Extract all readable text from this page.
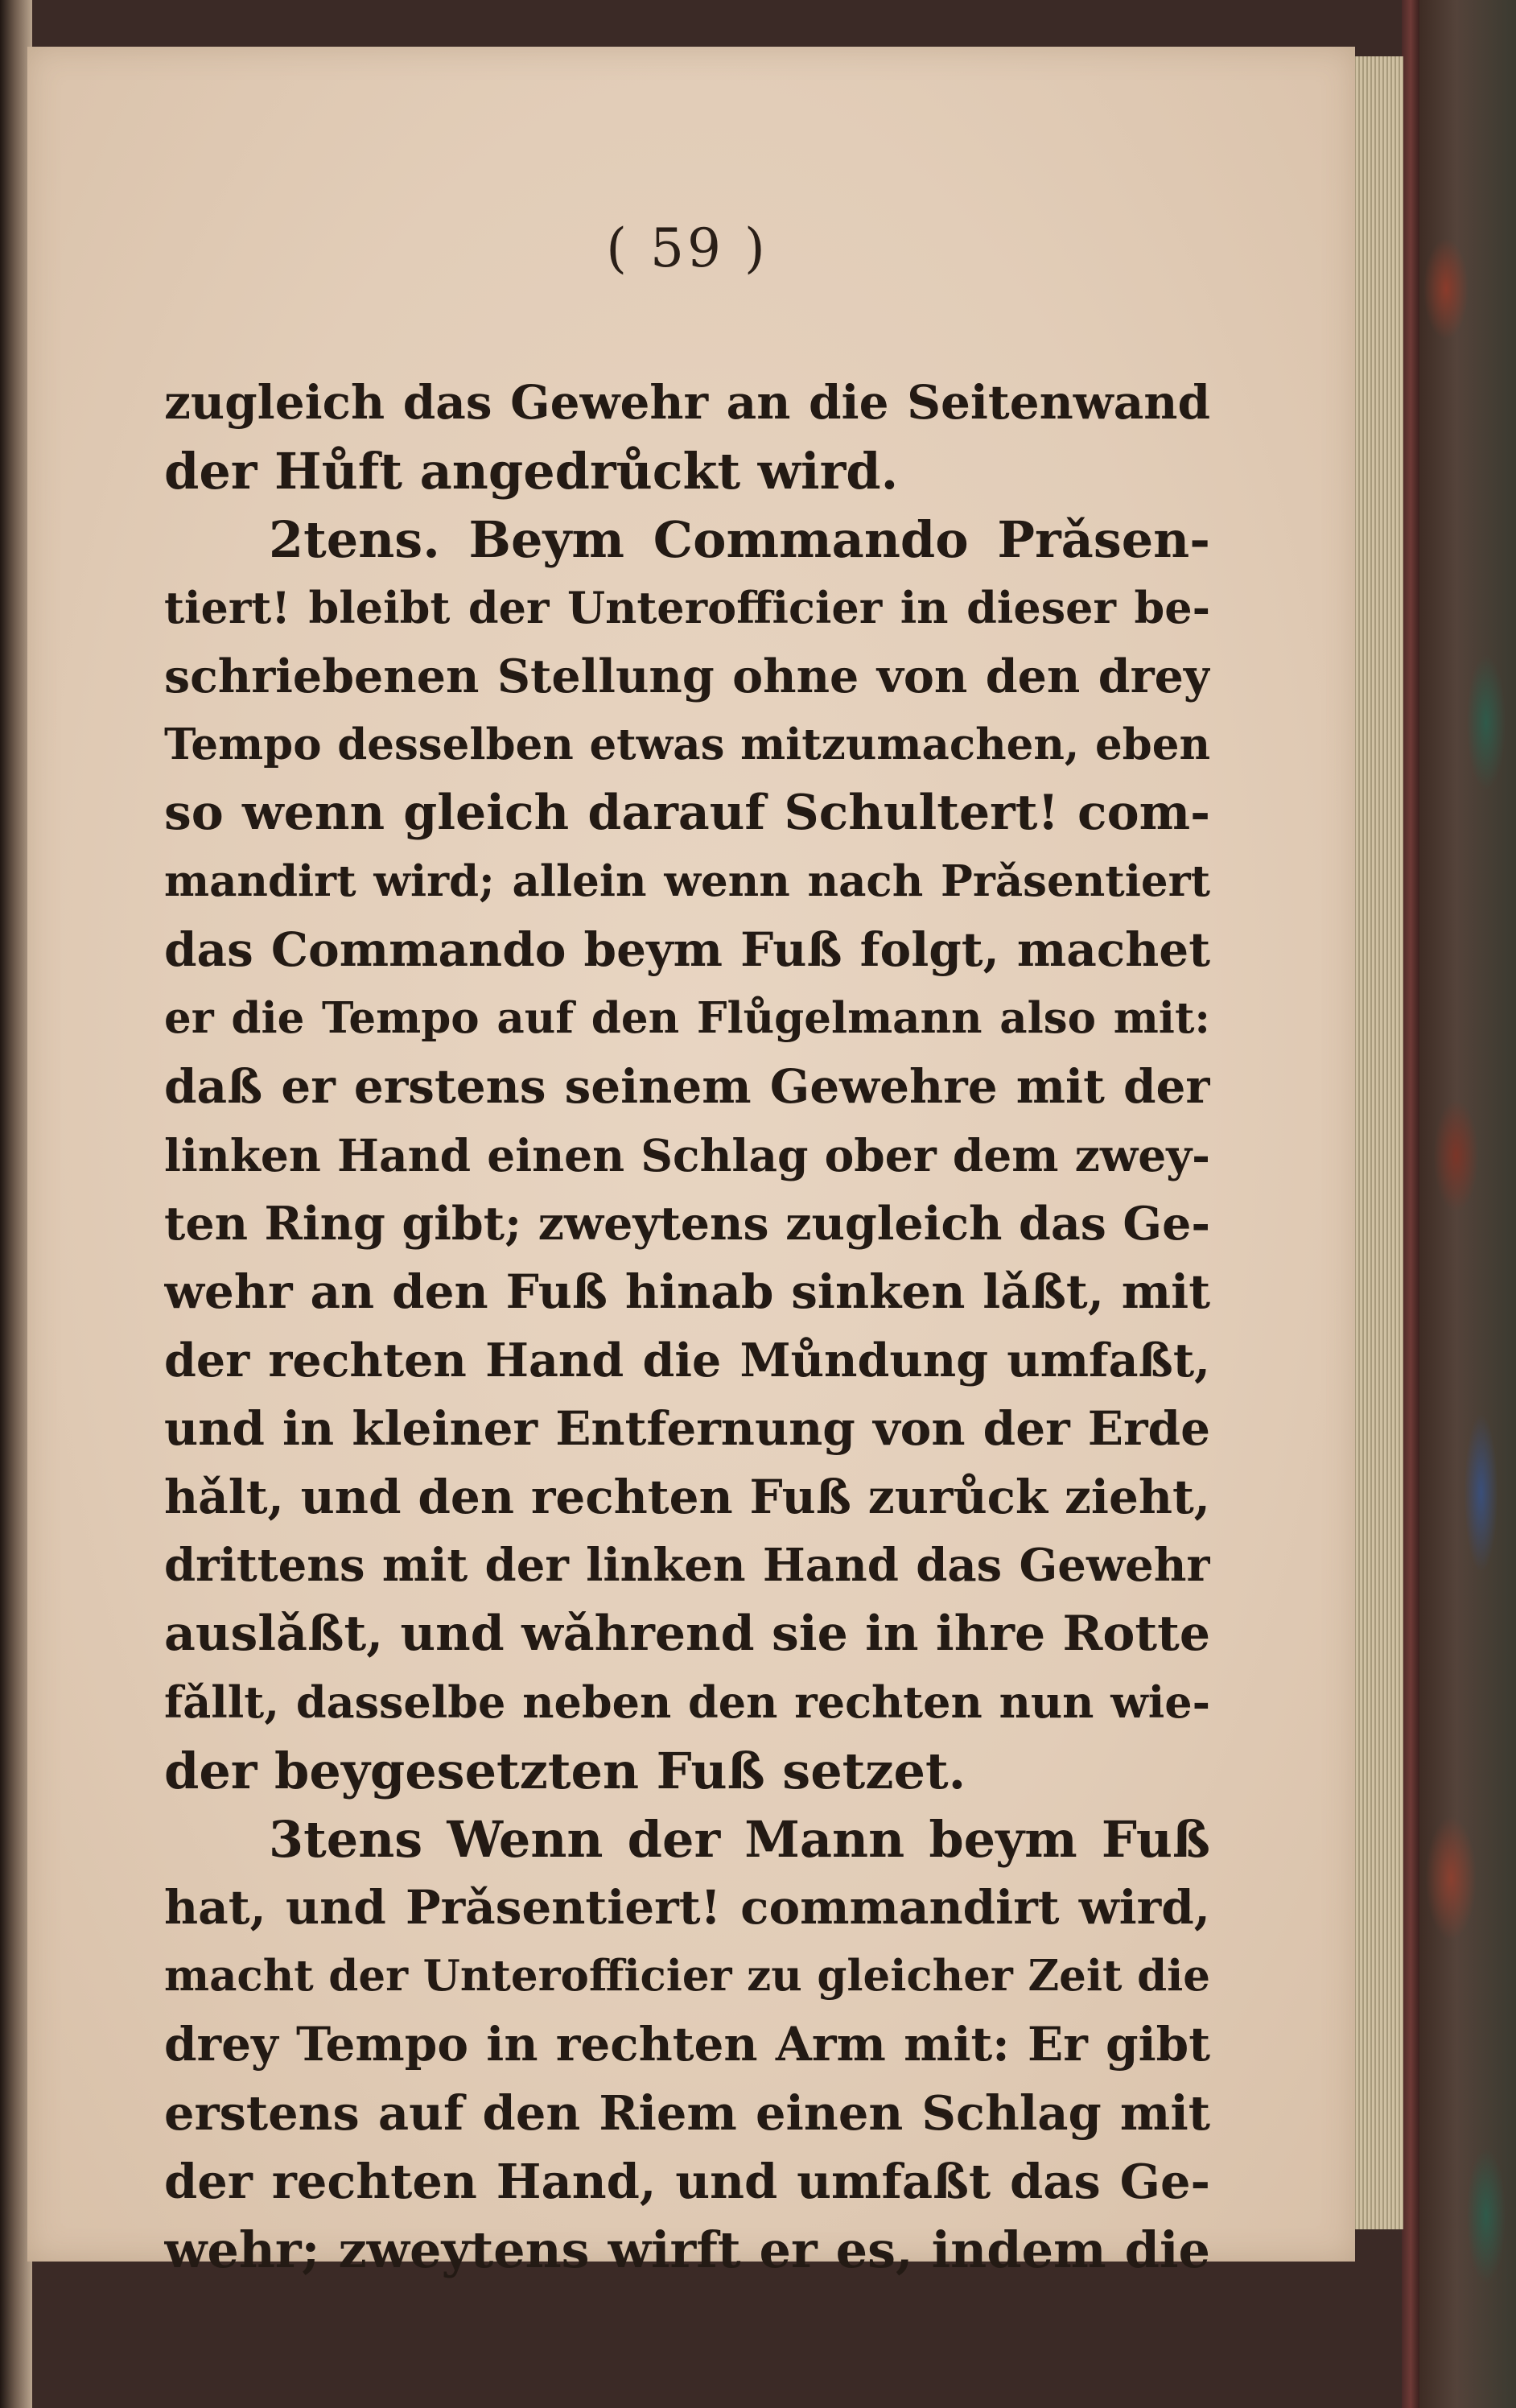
( 59 )
zugleich das Gewehr an die Seitenwand
der Hůft angedrůckt wird.
2tens. Beym Commando Prǎsen-
tiert! bleibt der Unterofficier in dieser be-
schriebenen Stellung ohne von den drey
Tempo desselben etwas mitzumachen, eben
so wenn gleich darauf Schultert! com-
mandirt wird; allein wenn nach Prǎsentiert
das Commando beym Fuß folgt, machet
er die Tempo auf den Flůgelmann also mit:
daß er erstens seinem Gewehre mit der
linken Hand einen Schlag ober dem zwey-
ten Ring gibt; zweytens zugleich das Ge-
wehr an den Fuß hinab sinken lǎßt, mit
der rechten Hand die Můndung umfaßt,
und in kleiner Entfernung von der Erde
hǎlt, und den rechten Fuß zurůck zieht,
drittens mit der linken Hand das Gewehr
auslǎßt, und wǎhrend sie in ihre Rotte
fǎllt, dasselbe neben den rechten nun wie-
der beygesetzten Fuß setzet.
3tens Wenn der Mann beym Fuß
hat, und Prǎsentiert! commandirt wird,
macht der Unterofficier zu gleicher Zeit die
drey Tempo in rechten Arm mit: Er gibt
erstens auf den Riem einen Schlag mit
der rechten Hand, und umfaßt das Ge-
wehr; zweytens wirft er es, indem die
